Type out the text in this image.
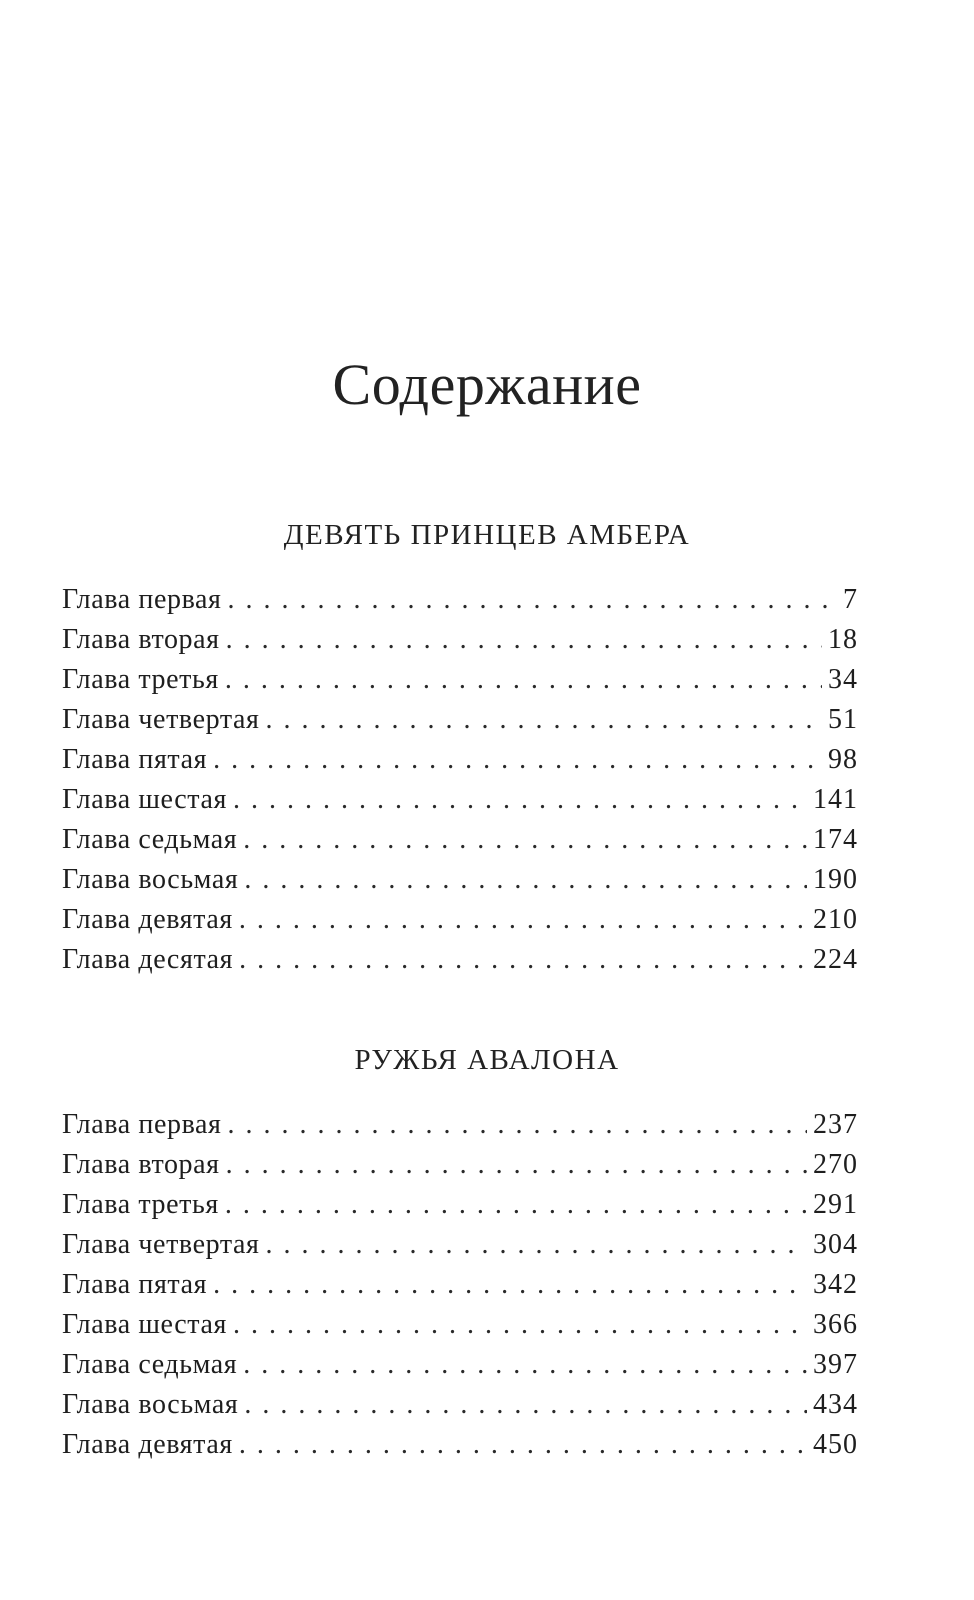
Содержание
ДЕВЯТЬ ПРИНЦЕВ АМБЕРА
Глава первая . . .	7
Глава вторая . . .	18
Глава третья . . .	34
Глава четвертая . . .	51
Глава пятая . . .	98
Глава шестая . . .	141
Глава седьмая . . .	174
Глава восьмая . . .	190
Глава девятая . . .	210
Глава десятая . . .	224
РУЖЬЯ АВАЛОНА
Глава первая . . .	237
Глава вторая . . .	270
Глава третья . . .	291
Глава четвертая . . .	304
Глава пятая . . .	342
Глава шестая . . .	366
Глава седьмая . . .	397
Глава восьмая . . .	434
Глава девятая . . .	450
